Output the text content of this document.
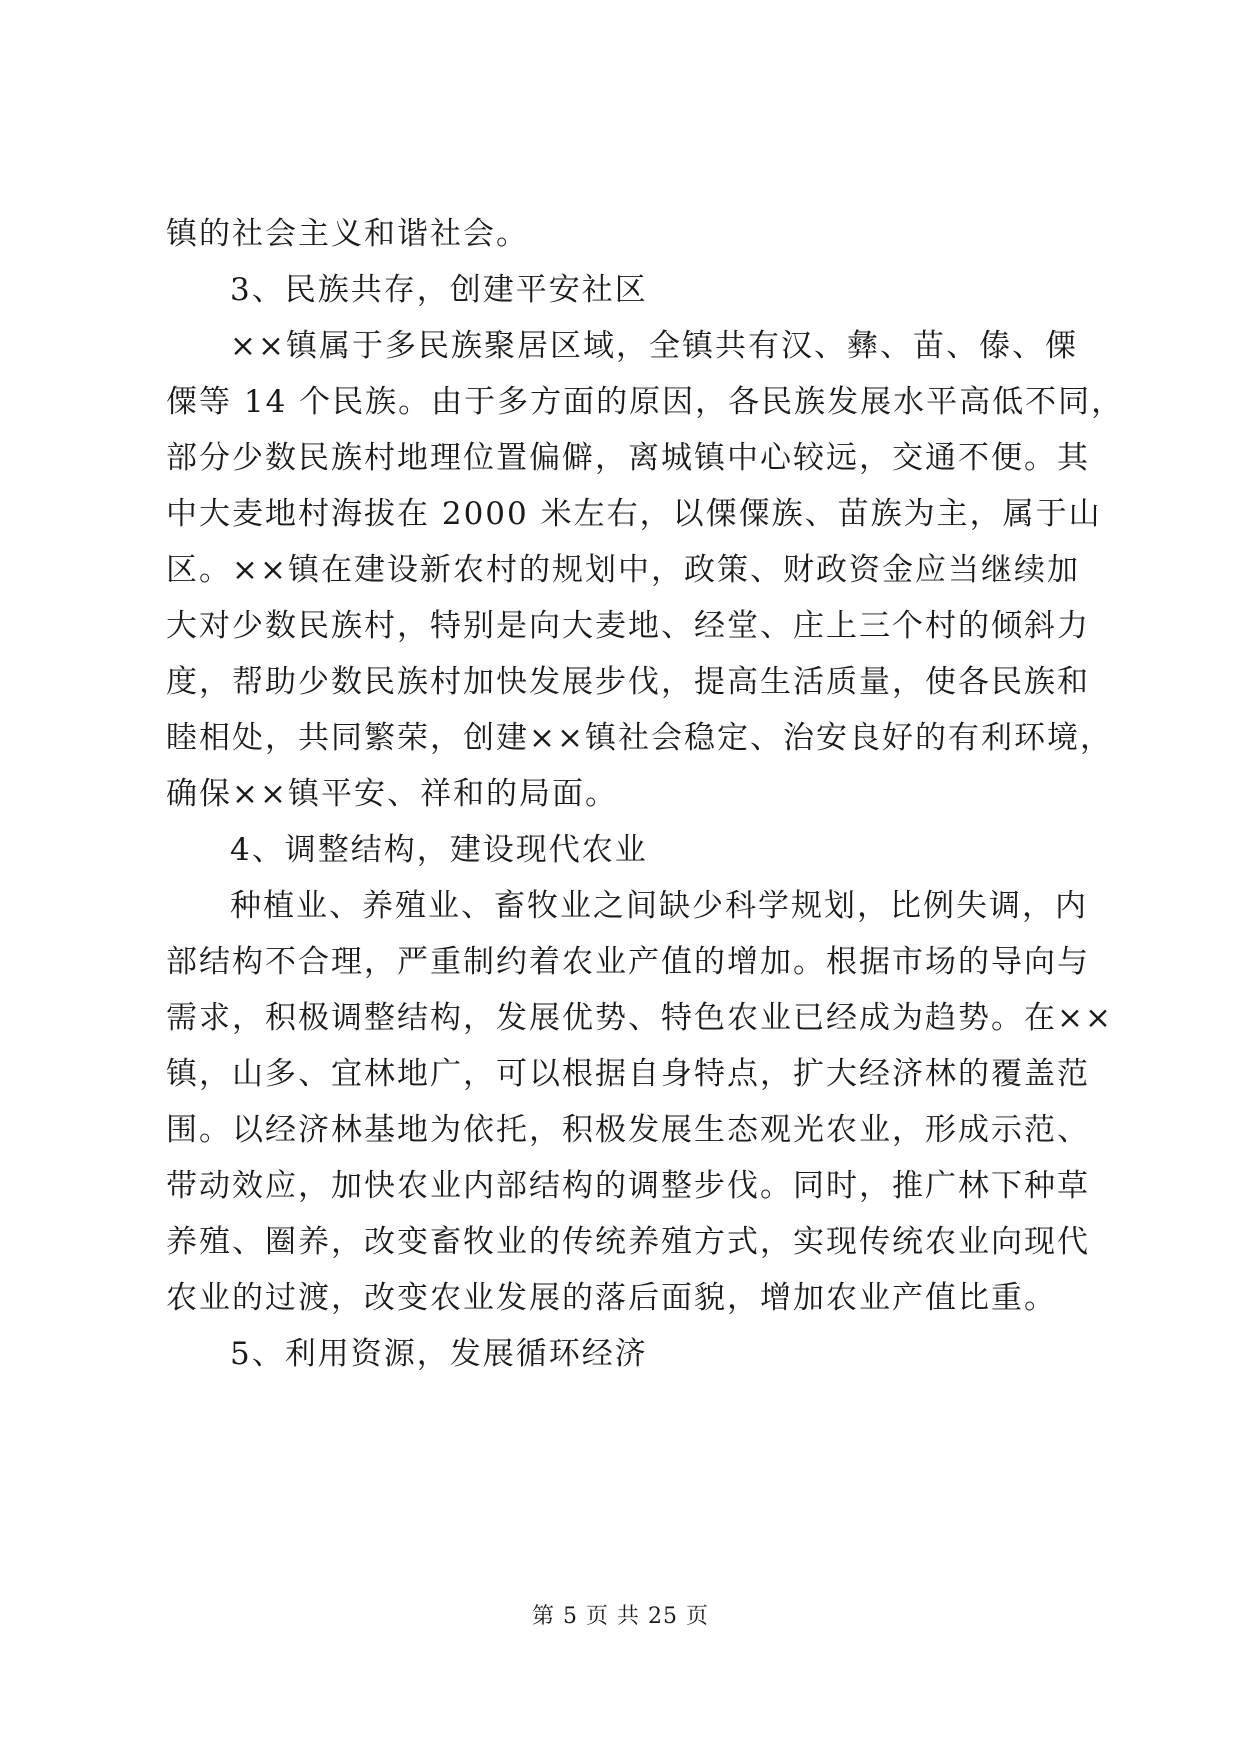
镇的社会主义和谐社会。
3、民族共存，创建平安社区
××镇属于多民族聚居区域，全镇共有汉、彝、苗、傣、傈
僳等 14 个民族。由于多方面的原因，各民族发展水平高低不同，
部分少数民族村地理位置偏僻，离城镇中心较远，交通不便。其
中大麦地村海拔在 2000 米左右，以傈僳族、苗族为主，属于山
区。××镇在建设新农村的规划中，政策、财政资金应当继续加
大对少数民族村，特别是向大麦地、经堂、庄上三个村的倾斜力
度，帮助少数民族村加快发展步伐，提高生活质量，使各民族和
睦相处，共同繁荣，创建××镇社会稳定、治安良好的有利环境，
确保××镇平安、祥和的局面。
4、调整结构，建设现代农业
种植业、养殖业、畜牧业之间缺少科学规划，比例失调，内
部结构不合理，严重制约着农业产值的增加。根据市场的导向与
需求，积极调整结构，发展优势、特色农业已经成为趋势。在××
镇，山多、宜林地广，可以根据自身特点，扩大经济林的覆盖范
围。以经济林基地为依托，积极发展生态观光农业，形成示范、
带动效应，加快农业内部结构的调整步伐。同时，推广林下种草
养殖、圈养，改变畜牧业的传统养殖方式，实现传统农业向现代
农业的过渡，改变农业发展的落后面貌，增加农业产值比重。
5、利用资源，发展循环经济
第 5 页 共 25 页
